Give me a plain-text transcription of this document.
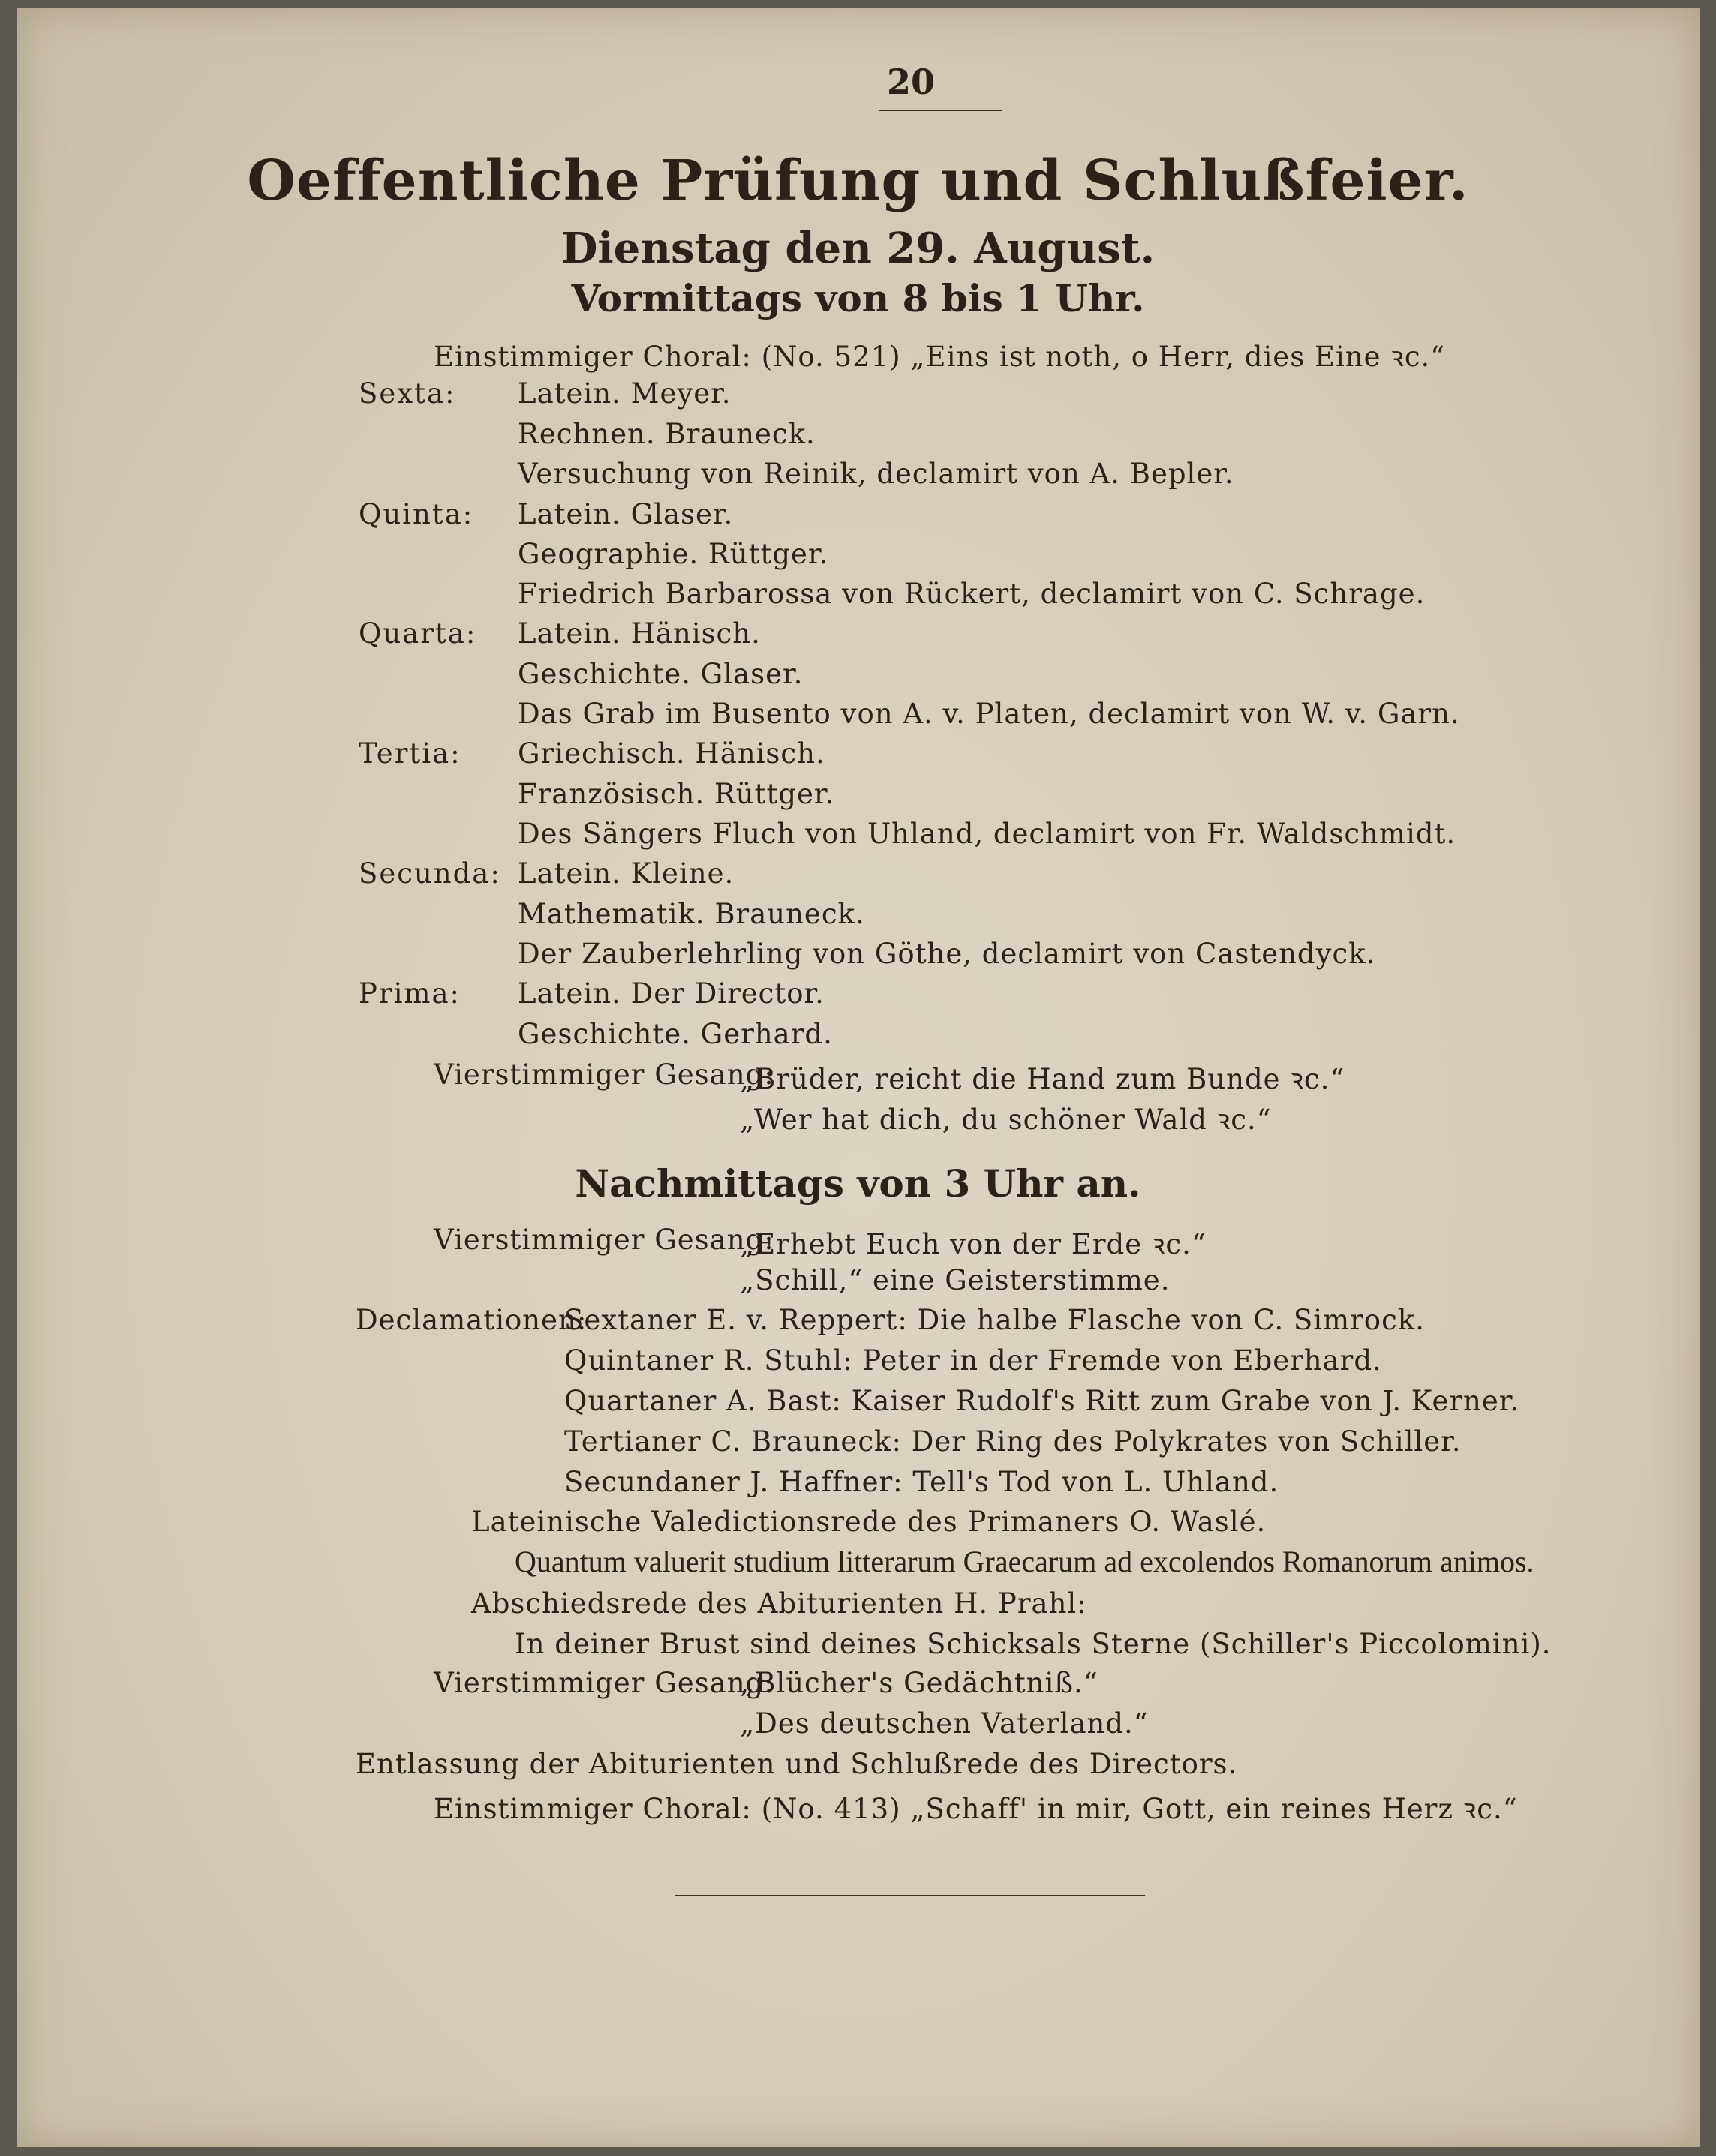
20
Oeffentliche Prüfung und Schlußfeier.
Dienstag den 29. August.
Vormittags von 8 bis 1 Uhr.
Einstimmiger Choral: (No. 521) „Eins ist noth, o Herr, dies Eine ꝛc.“
Sexta: Latein. Meyer.
Rechnen. Brauneck.
Versuchung von Reinik, declamirt von A. Bepler.
Quinta: Latein. Glaser.
Geographie. Rüttger.
Friedrich Barbarossa von Rückert, declamirt von C. Schrage.
Quarta: Latein. Hänisch.
Geschichte. Glaser.
Das Grab im Busento von A. v. Platen, declamirt von W. v. Garn.
Tertia: Griechisch. Hänisch.
Französisch. Rüttger.
Des Sängers Fluch von Uhland, declamirt von Fr. Waldschmidt.
Secunda: Latein. Kleine.
Mathematik. Brauneck.
Der Zauberlehrling von Göthe, declamirt von Castendyck.
Prima: Latein. Der Director.
Geschichte. Gerhard.
Vierstimmiger Gesang:
„Brüder, reicht die Hand zum Bunde ꝛc.“
„Wer hat dich, du schöner Wald ꝛc.“
Nachmittags von 3 Uhr an.
Vierstimmiger Gesang:
„Erhebt Euch von der Erde ꝛc.“
„Schill,“ eine Geisterstimme.
Declamationen:
Sextaner E. v. Reppert: Die halbe Flasche von C. Simrock.
Quintaner R. Stuhl: Peter in der Fremde von Eberhard.
Quartaner A. Bast: Kaiser Rudolf's Ritt zum Grabe von J. Kerner.
Tertianer C. Brauneck: Der Ring des Polykrates von Schiller.
Secundaner J. Haffner: Tell's Tod von L. Uhland.
Lateinische Valedictionsrede des Primaners O. Waslé.
Quantum valuerit studium litterarum Graecarum ad excolendos Romanorum animos.
Abschiedsrede des Abiturienten H. Prahl:
In deiner Brust sind deines Schicksals Sterne (Schiller's Piccolomini).
Vierstimmiger Gesang:
„Blücher's Gedächtniß.“
„Des deutschen Vaterland.“
Entlassung der Abiturienten und Schlußrede des Directors.
Einstimmiger Choral: (No. 413) „Schaff' in mir, Gott, ein reines Herz ꝛc.“
